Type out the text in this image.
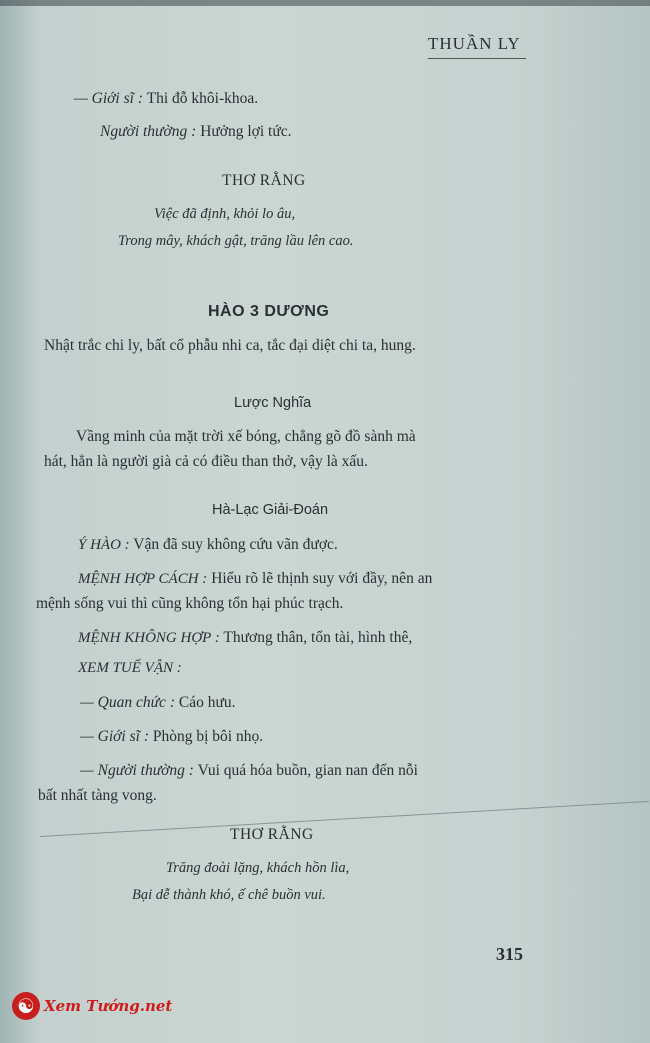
THUẦN LY
— Giới sĩ : Thi đỗ khôi-khoa.
Người thường : Hưởng lợi tức.
THƠ RẰNG
Việc đã định, khỏi lo âu,
Trong mây, khách gật, trăng lầu lên cao.
HÀO 3 DƯƠNG
Nhật trắc chi ly, bất cổ phẫu nhi ca, tắc đại diệt chi ta, hung.
Lược Nghĩa
Vầng minh của mặt trời xế bóng, chẳng gõ đồ sành mà
hát, hẳn là người già cả có điều than thở, vậy là xấu.
Hà-Lạc Giải-Đoán
Ý HÀO : Vận đã suy không cứu vãn được.
MỆNH HỢP CÁCH : Hiểu rõ lẽ thịnh suy với đầy, nên an
mệnh sống vui thì cũng không tổn hại phúc trạch.
MỆNH KHÔNG HỢP : Thương thân, tổn tài, hình thê,
XEM TUẾ VẬN :
— Quan chức : Cáo hưu.
— Giới sĩ : Phòng bị bôi nhọ.
— Người thường : Vui quá hóa buồn, gian nan đến nỗi
bất nhất tàng vong.
THƠ RẰNG
Trăng đoài lặng, khách hồn lìa,
Bại dễ thành khó, ế chê buồn vui.
315
☯ Xem Tướng.net
